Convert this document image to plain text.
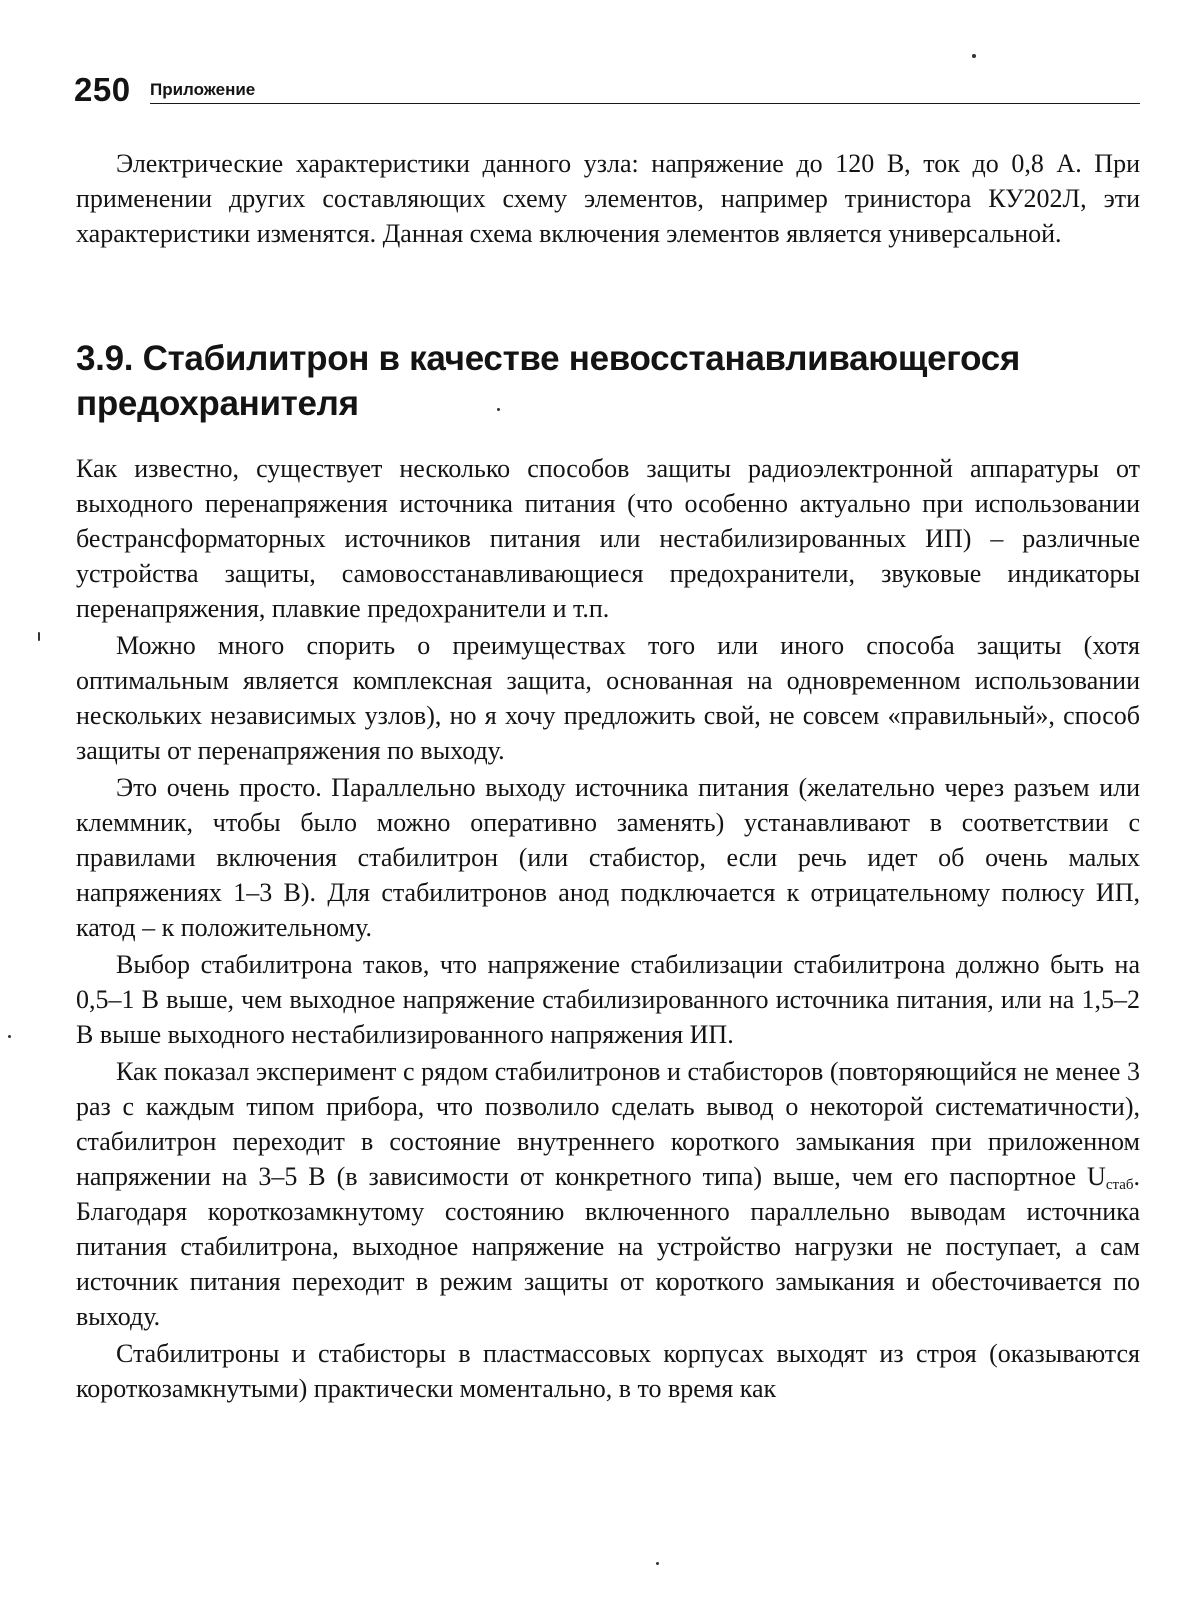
250 Приложение

Электрические характеристики данного узла: напряжение до 120 В, ток до 0,8 А. При применении других составляющих схему элементов, например тринистора КУ202Л, эти характеристики изменятся. Данная схема включения элементов является универсальной.

3.9. Стабилитрон в качестве невосстанавливающегося предохранителя

Как известно, существует несколько способов защиты радиоэлектронной аппаратуры от выходного перенапряжения источника питания (что особенно актуально при использовании бестрансформаторных источников питания или нестабилизированных ИП) – различные устройства защиты, самовосстанавливающиеся предохранители, звуковые индикаторы перенапряжения, плавкие предохранители и т.п.

Можно много спорить о преимуществах того или иного способа защиты (хотя оптимальным является комплексная защита, основанная на одновременном использовании нескольких независимых узлов), но я хочу предложить свой, не совсем «правильный», способ защиты от перенапряжения по выходу.

Это очень просто. Параллельно выходу источника питания (желательно через разъем или клеммник, чтобы было можно оперативно заменять) устанавливают в соответствии с правилами включения стабилитрон (или стабистор, если речь идет об очень малых напряжениях 1–3 В). Для стабилитронов анод подключается к отрицательному полюсу ИП, катод – к положительному.

Выбор стабилитрона таков, что напряжение стабилизации стабилитрона должно быть на 0,5–1 В выше, чем выходное напряжение стабилизированного источника питания, или на 1,5–2 В выше выходного нестабилизированного напряжения ИП.

Как показал эксперимент с рядом стабилитронов и стабисторов (повторяющийся не менее 3 раз с каждым типом прибора, что позволило сделать вывод о некоторой систематичности), стабилитрон переходит в состояние внутреннего короткого замыкания при приложенном напряжении на 3–5 В (в зависимости от конкретного типа) выше, чем его паспортное $U_{стаб}$. Благодаря короткозамкнутому состоянию включенного параллельно выводам источника питания стабилитрона, выходное напряжение на устройство нагрузки не поступает, а сам источник питания переходит в режим защиты от короткого замыкания и обесточивается по выходу.

Стабилитроны и стабисторы в пластмассовых корпусах выходят из строя (оказываются короткозамкнутыми) практически моментально, в то время как
